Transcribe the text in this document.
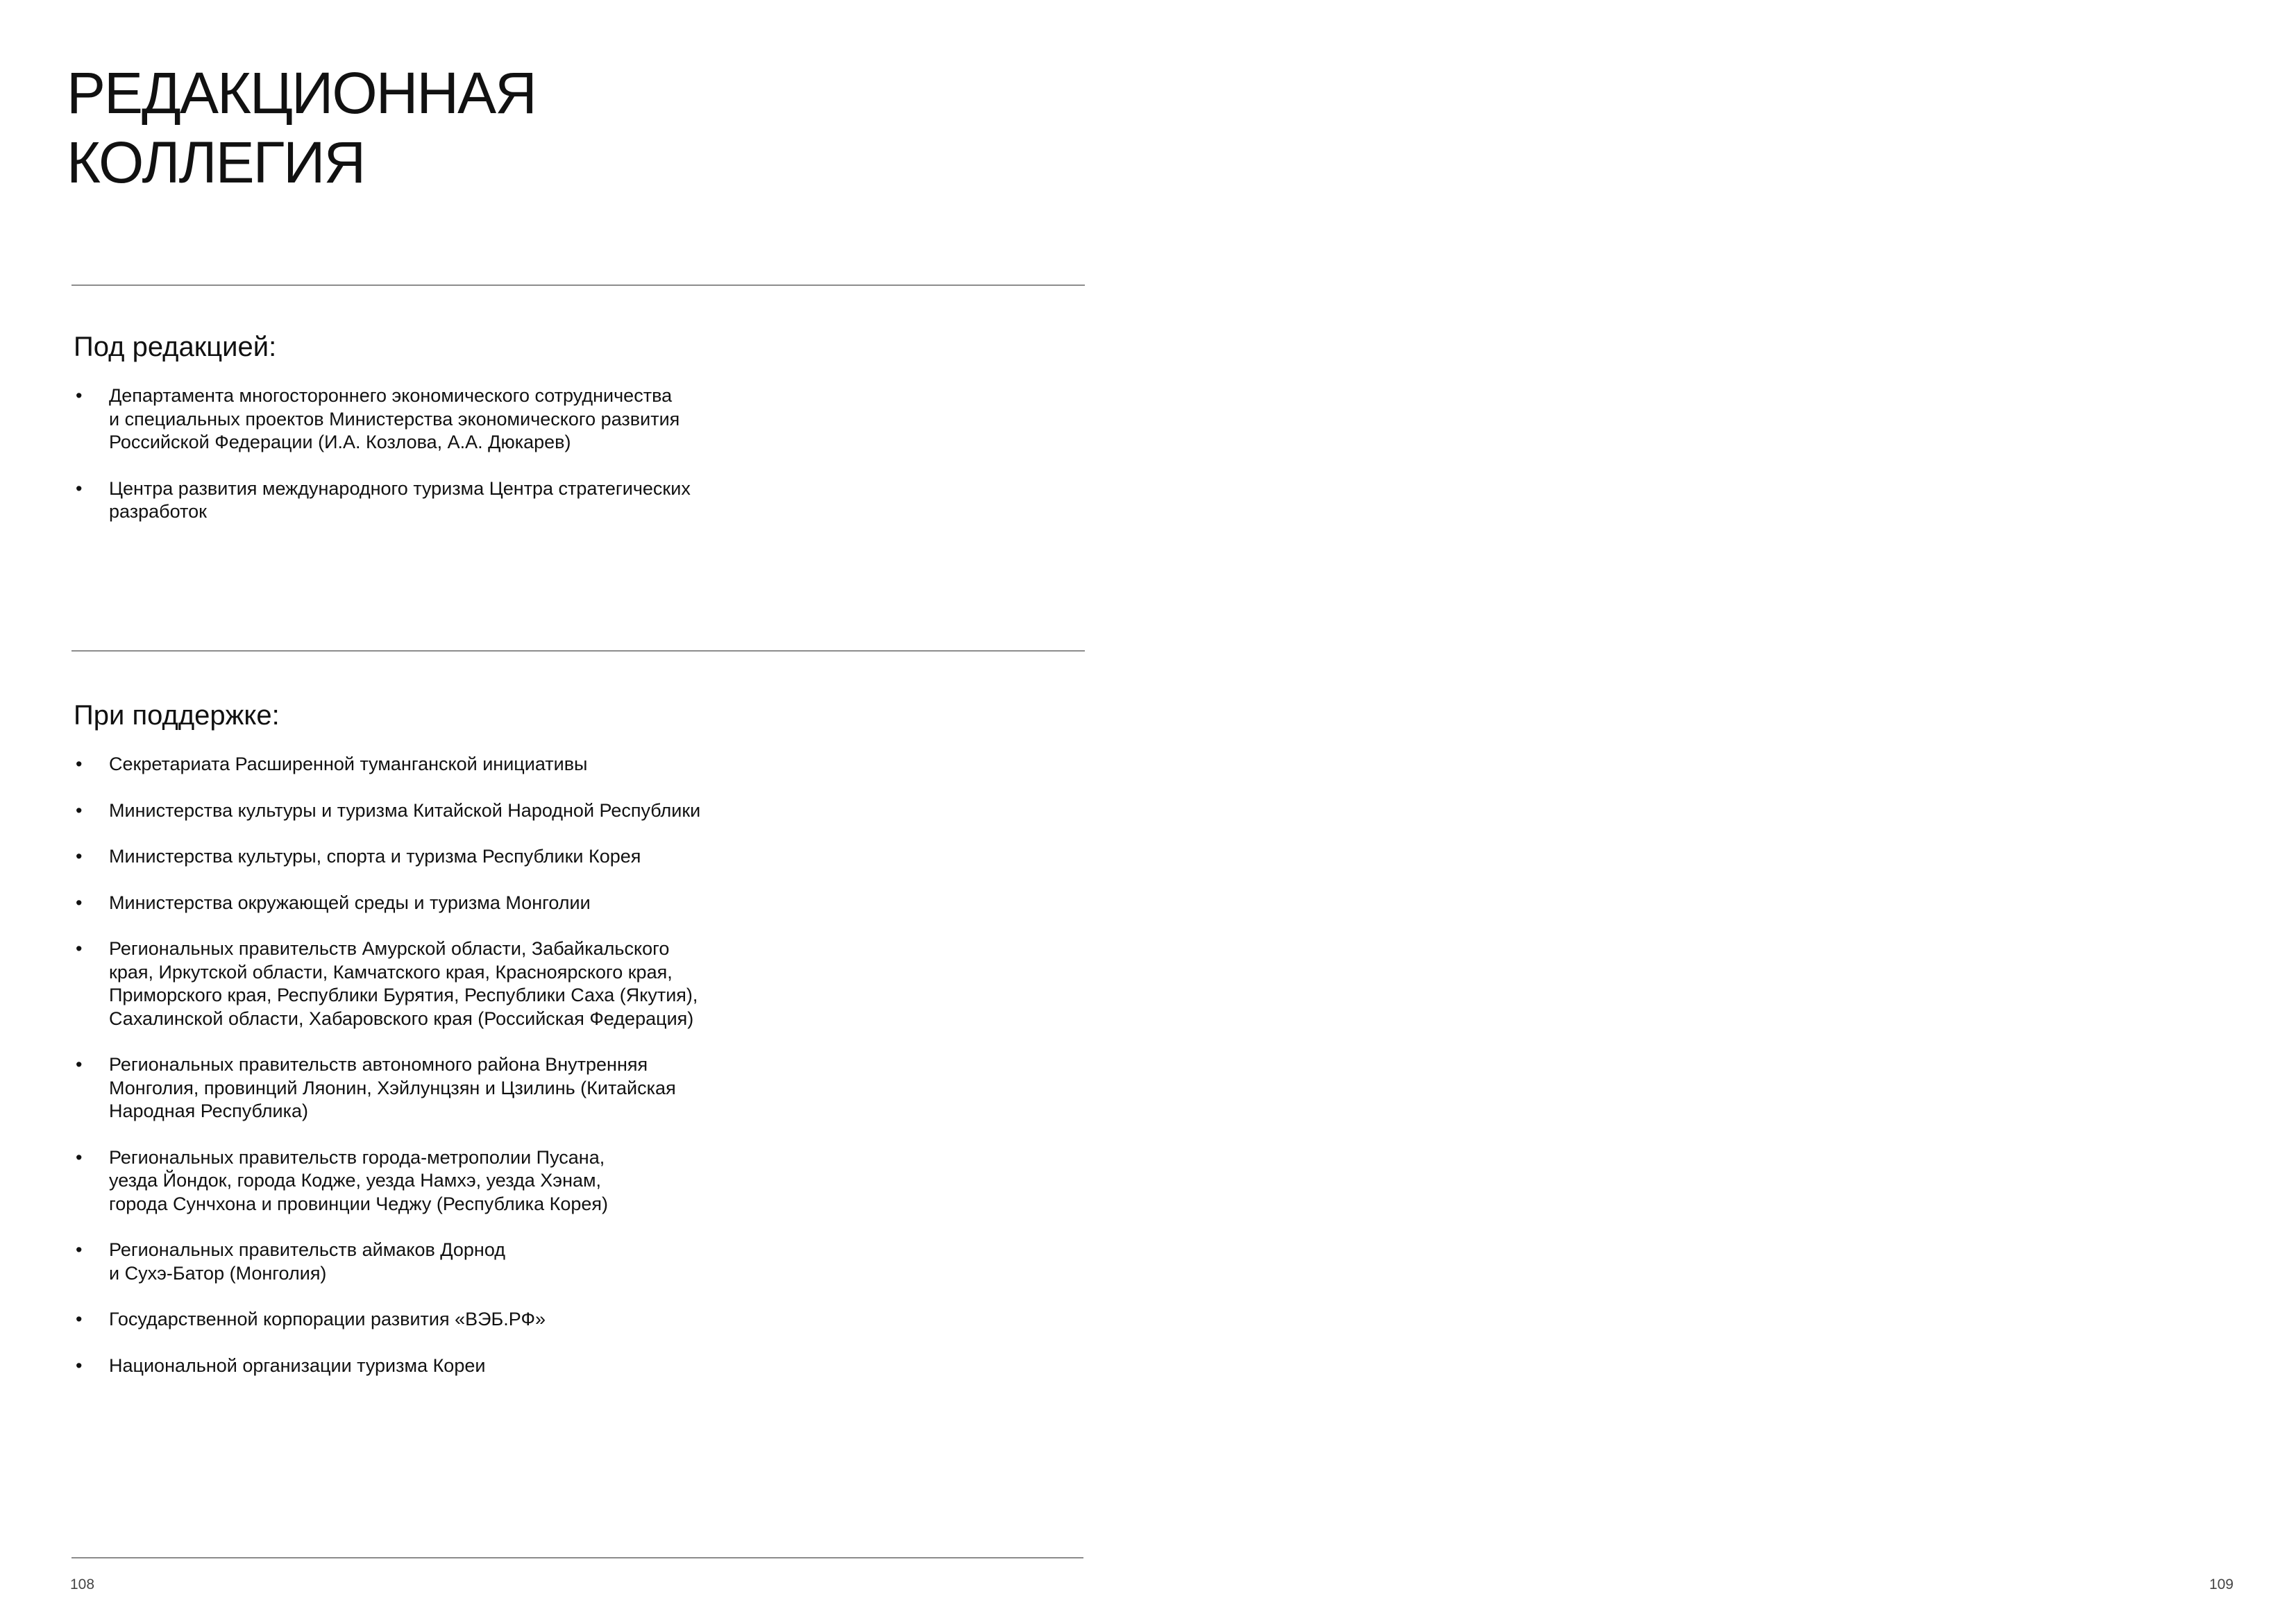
РЕДАКЦИОННАЯ
КОЛЛЕГИЯ
Под редакцией:
• Департамента многостороннего экономического сотрудничества
и специальных проектов Министерства экономического развития
Российской Федерации (И.А. Козлова, А.А. Дюкарев)
• Центра развития международного туризма Центра стратегических
разработок
При поддержке:
• Секретариата Расширенной туманганской инициативы
• Министерства культуры и туризма Китайской Народной Республики
• Министерства культуры, спорта и туризма Республики Корея
• Министерства окружающей среды и туризма Монголии
• Региональных правительств Амурской области, Забайкальского
края, Иркутской области, Камчатского края, Красноярского края,
Приморского края, Республики Бурятия, Республики Саха (Якутия),
Сахалинской области, Хабаровского края (Российская Федерация)
• Региональных правительств автономного района Внутренняя
Монголия, провинций Ляонин, Хэйлунцзян и Цзилинь (Китайская
Народная Республика)
• Региональных правительств города-метрополии Пусана,
уезда Йондок, города Кодже, уезда Намхэ, уезда Хэнам,
города Сунчхона и провинции Чеджу (Республика Корея)
• Региональных правительств аймаков Дорнод
и Сухэ-Батор (Монголия)
• Государственной корпорации развития «ВЭБ.РФ»
• Национальной организации туризма Кореи
108	109
